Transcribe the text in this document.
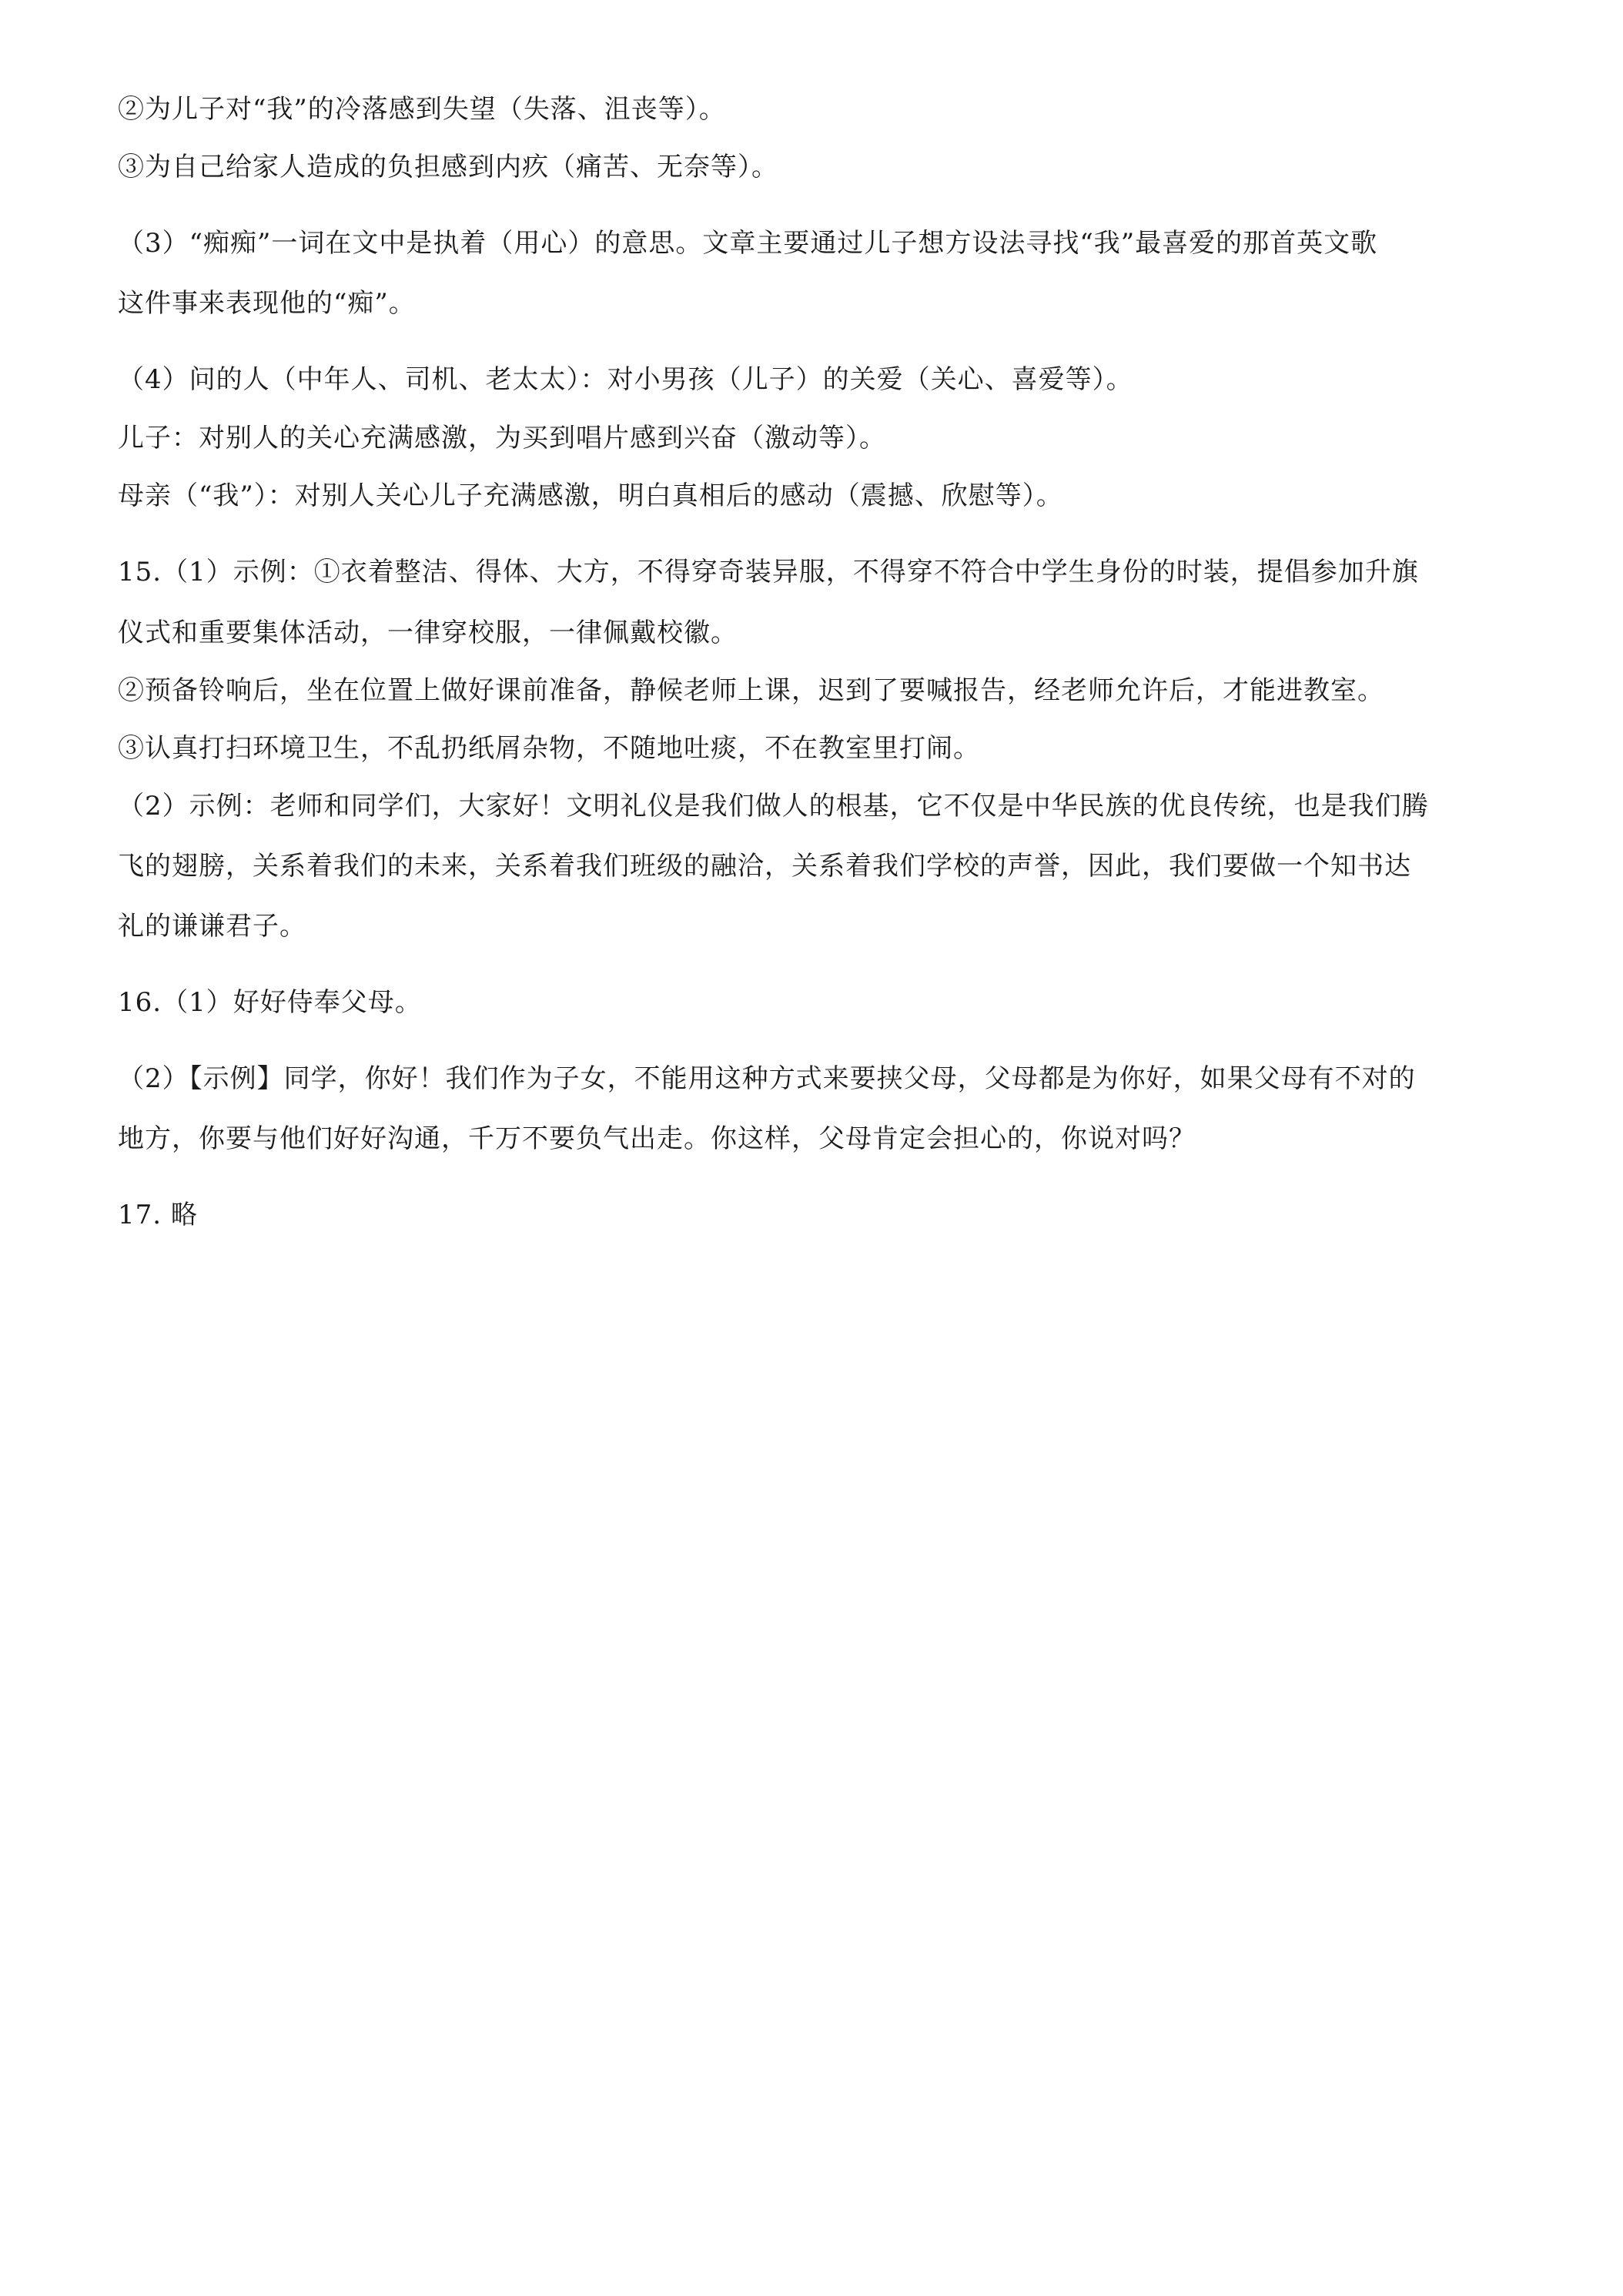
②为儿子对“我”的冷落感到失望（失落、沮丧等）。
③为自己给家人造成的负担感到内疚（痛苦、无奈等）。
（3）“痴痴”一词在文中是执着（用心）的意思。文章主要通过儿子想方设法寻找“我”最喜爱的那首英文歌
这件事来表现他的“痴”。
（4）问的人（中年人、司机、老太太）：对小男孩（儿子）的关爱（关心、喜爱等）。
儿子：对别人的关心充满感激，为买到唱片感到兴奋（激动等）。
母亲（“我”）：对别人关心儿子充满感激，明白真相后的感动（震撼、欣慰等）。
15.（1）示例：①衣着整洁、得体、大方，不得穿奇装异服，不得穿不符合中学生身份的时装，提倡参加升旗
仪式和重要集体活动，一律穿校服，一律佩戴校徽。
②预备铃响后，坐在位置上做好课前准备，静候老师上课，迟到了要喊报告，经老师允许后，才能进教室。
③认真打扫环境卫生，不乱扔纸屑杂物，不随地吐痰，不在教室里打闹。
（2）示例：老师和同学们，大家好！文明礼仪是我们做人的根基，它不仅是中华民族的优良传统，也是我们腾
飞的翅膀，关系着我们的未来，关系着我们班级的融洽，关系着我们学校的声誉，因此，我们要做一个知书达
礼的谦谦君子。
16.（1）好好侍奉父母。
（2）【示例】同学，你好！我们作为子女，不能用这种方式来要挟父母，父母都是为你好，如果父母有不对的
地方，你要与他们好好沟通，千万不要负气出走。你这样，父母肯定会担心的，你说对吗？
17. 略
